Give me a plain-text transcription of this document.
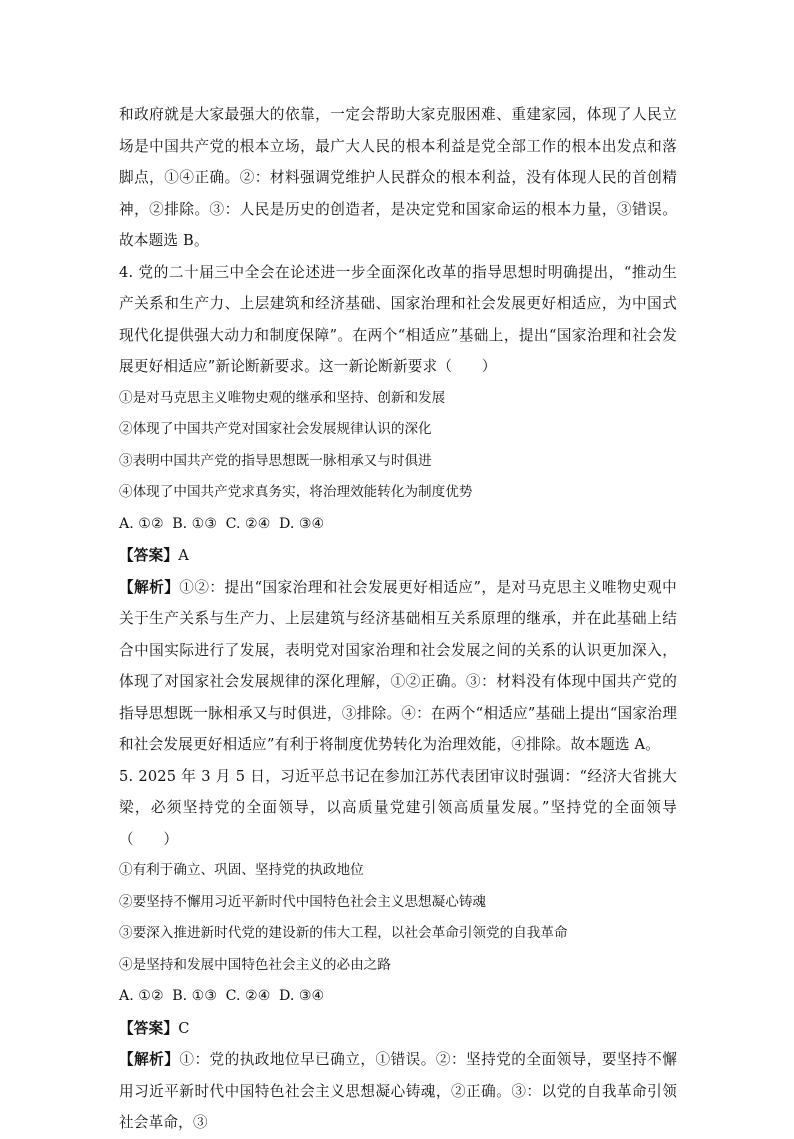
和政府就是大家最强大的依靠，一定会帮助大家克服困难、重建家园，体现了人民立场是中国共产党的根本立场，最广大人民的根本利益是党全部工作的根本出发点和落脚点，①④正确。②：材料强调党维护人民群众的根本利益，没有体现人民的首创精神，②排除。③：人民是历史的创造者，是决定党和国家命运的根本力量，③错误。故本题选 B。
4. 党的二十届三中全会在论述进一步全面深化改革的指导思想时明确提出，“推动生产关系和生产力、上层建筑和经济基础、国家治理和社会发展更好相适应，为中国式现代化提供强大动力和制度保障”。在两个“相适应”基础上，提出“国家治理和社会发展更好相适应”新论断新要求。这一新论断新要求（　　）
①是对马克思主义唯物史观的继承和坚持、创新和发展
②体现了中国共产党对国家社会发展规律认识的深化
③表明中国共产党的指导思想既一脉相承又与时俱进
④体现了中国共产党求真务实，将治理效能转化为制度优势
A. ①② B. ①③ C. ②④ D. ③④
【答案】A
【解析】①②：提出“国家治理和社会发展更好相适应”，是对马克思主义唯物史观中关于生产关系与生产力、上层建筑与经济基础相互关系原理的继承，并在此基础上结合中国实际进行了发展，表明党对国家治理和社会发展之间的关系的认识更加深入，体现了对国家社会发展规律的深化理解，①②正确。③：材料没有体现中国共产党的指导思想既一脉相承又与时俱进，③排除。④：在两个“相适应”基础上提出“国家治理和社会发展更好相适应”有利于将制度优势转化为治理效能，④排除。故本题选 A。
5. 2025 年 3 月 5 日，习近平总书记在参加江苏代表团审议时强调：“经济大省挑大梁，必须坚持党的全面领导，以高质量党建引领高质量发展。”坚持党的全面领导（　　）
①有利于确立、巩固、坚持党的执政地位
②要坚持不懈用习近平新时代中国特色社会主义思想凝心铸魂
③要深入推进新时代党的建设新的伟大工程，以社会革命引领党的自我革命
④是坚持和发展中国特色社会主义的必由之路
A. ①② B. ①③ C. ②④ D. ③④
【答案】C
【解析】①：党的执政地位早已确立，①错误。②：坚持党的全面领导，要坚持不懈用习近平新时代中国特色社会主义思想凝心铸魂，②正确。③：以党的自我革命引领社会革命，③
